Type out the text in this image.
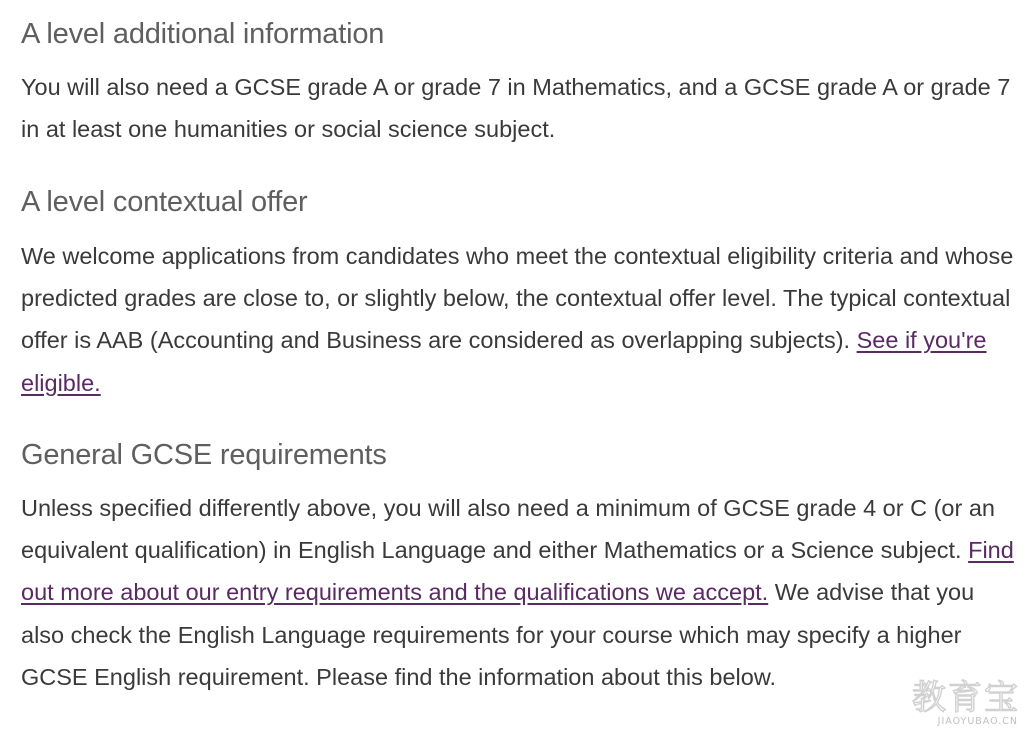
A level additional information

You will also need a GCSE grade A or grade 7 in Mathematics, and a GCSE grade A or grade 7 in at least one humanities or social science subject.

A level contextual offer

We welcome applications from candidates who meet the contextual eligibility criteria and whose predicted grades are close to, or slightly below, the contextual offer level. The typical contextual offer is AAB (Accounting and Business are considered as overlapping subjects). See if you're eligible.

General GCSE requirements

Unless specified differently above, you will also need a minimum of GCSE grade 4 or C (or an equivalent qualification) in English Language and either Mathematics or a Science subject. Find out more about our entry requirements and the qualifications we accept. We advise that you also check the English Language requirements for your course which may specify a higher GCSE English requirement. Please find the information about this below.

教育宝
JIAOYUBAO.CN
